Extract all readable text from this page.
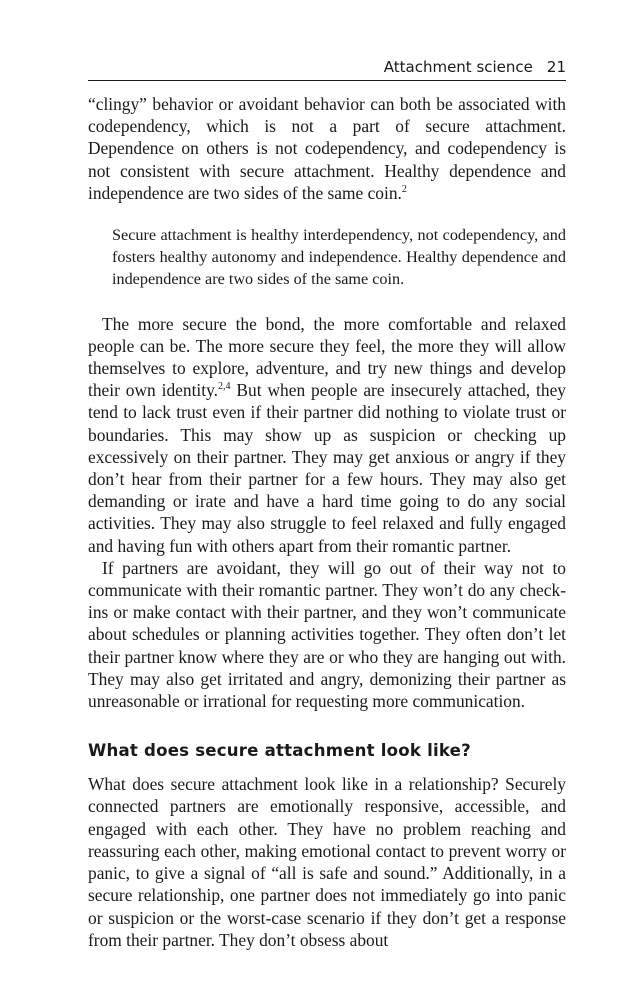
Attachment science 21

“clingy” behavior or avoidant behavior can both be associated with codependency, which is not a part of secure attachment. Dependence on others is not codependency, and codependency is not consistent with secure attachment. Healthy dependence and independence are two sides of the same coin.$^2$

Secure attachment is healthy interdependency, not codependency, and fosters healthy autonomy and independence. Healthy dependence and independence are two sides of the same coin.

The more secure the bond, the more comfortable and relaxed people can be. The more secure they feel, the more they will allow themselves to explore, adventure, and try new things and develop their own identity.$^{2,4}$ But when people are insecurely attached, they tend to lack trust even if their partner did nothing to violate trust or boundaries. This may show up as suspicion or checking up excessively on their partner. They may get anxious or angry if they don’t hear from their partner for a few hours. They may also get demanding or irate and have a hard time going to do any social activities. They may also struggle to feel relaxed and fully engaged and having fun with others apart from their romantic partner.

If partners are avoidant, they will go out of their way not to communicate with their romantic partner. They won’t do any check-ins or make contact with their partner, and they won’t communicate about schedules or planning activities together. They often don’t let their partner know where they are or who they are hanging out with. They may also get irritated and angry, demonizing their partner as unreasonable or irrational for requesting more communication.

What does secure attachment look like?

What does secure attachment look like in a relationship? Securely connected partners are emotionally responsive, accessible, and engaged with each other. They have no problem reaching and reassuring each other, making emotional contact to prevent worry or panic, to give a signal of “all is safe and sound.” Additionally, in a secure relationship, one partner does not immediately go into panic or suspicion or the worst-case scenario if they don’t get a response from their partner. They don’t obsess about
